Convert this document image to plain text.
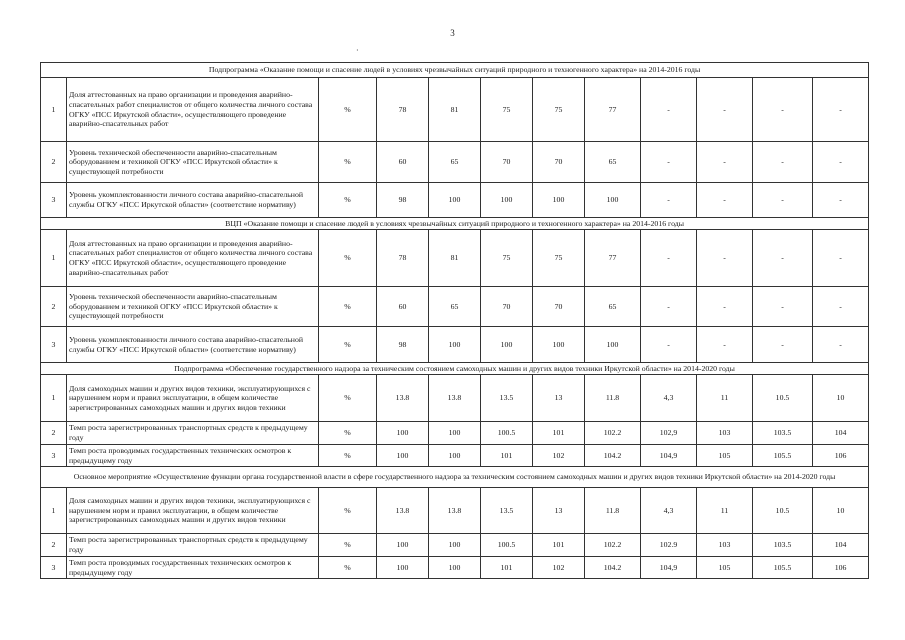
3
·
Подпрограмма «Оказание помощи и спасение людей в условиях чрезвычайных ситуаций природного и техногенного характера» на 2014-2016 годы											
1	Доля аттестованных на право организации и проведения аварийно-спасательных работ специалистов от общего количества личного состава ОГКУ «ПСС Иркутской области», осуществляющего проведение аварийно-спасательных работ	%	78	81	75	75	77	-	-	-	-
2	Уровень технической обеспеченности аварийно-спасательным оборудованием и техникой ОГКУ «ПСС Иркутской области» к существующей потребности	%	60	65	70	70	65	-	-	-	-
3	Уровень укомплектованности личного состава аварийно-спасательной службы ОГКУ «ПСС Иркутской области» (соответствие нормативу)	%	98	100	100	100	100	-	-	-	-
ВЦП «Оказание помощи и спасение людей в условиях чрезвычайных ситуаций природного и техногенного характера» на 2014-2016 годы											
1	Доля аттестованных на право организации и проведения аварийно-спасательных работ специалистов от общего количества личного состава ОГКУ «ПСС Иркутской области», осуществляющего проведение аварийно-спасательных работ	%	78	81	75	75	77	-	-	-	-
2	Уровень технической обеспеченности аварийно-спасательным оборудованием и техникой ОГКУ «ПСС Иркутской области» к существующей потребности	%	60	65	70	70	65	-	-	-	-
3	Уровень укомплектованности личного состава аварийно-спасательной службы ОГКУ «ПСС Иркутской области» (соответствие нормативу)	%	98	100	100	100	100	-	-	-	-
Подпрограмма «Обеспечение государственного надзора за техническим состоянием самоходных машин и других видов техники Иркутской области» на 2014-2020 годы											
1	Доля самоходных машин и других видов техники, эксплуатирующихся с нарушением норм и правил эксплуатации, в общем количестве зарегистрированных самоходных машин и других видов техники	%	13.8	13.8	13.5	13	11.8	4,3	11	10.5	10
2	Темп роста зарегистрированных транспортных средств к предыдущему году	%	100	100	100.5	101	102.2	102,9	103	103.5	104
3	Темп роста проводимых государственных технических осмотров к предыдущему году	%	100	100	101	102	104.2	104,9	105	105.5	106
Основное мероприятие «Осуществление функции органа государственной власти в сфере государственного надзора за техническим состоянием самоходных машин и других видов техники Иркутской области» на 2014-2020 годы											
1	Доля самоходных машин и других видов техники, эксплуатирующихся с нарушением норм и правил эксплуатации, в общем количестве зарегистрированных самоходных машин и других видов техники	%	13.8	13.8	13.5	13	11.8	4,3	11	10.5	10
2	Темп роста зарегистрированных транспортных средств к предыдущему году	%	100	100	100.5	101	102.2	102.9	103	103.5	104
3	Темп роста проводимых государственных технических осмотров к предыдущему году	%	100	100	101	102	104.2	104,9	105	105.5	106
